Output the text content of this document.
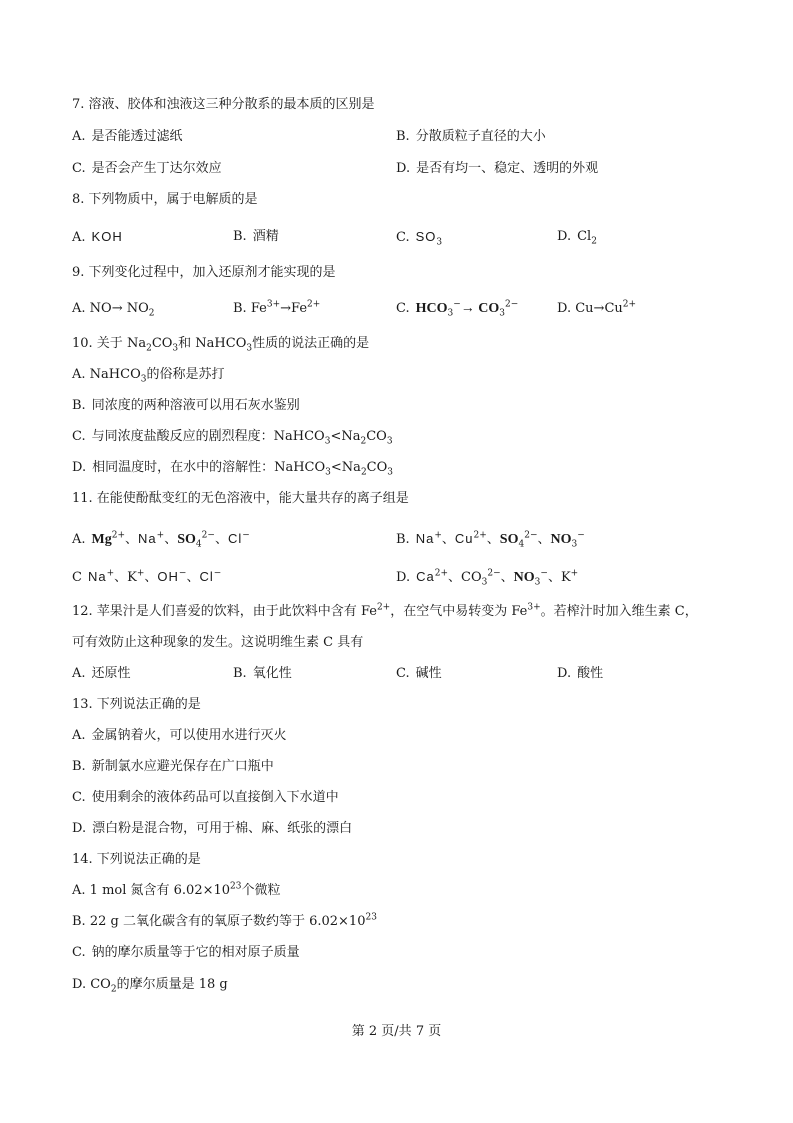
7. 溶液、胶体和浊液这三种分散系的最本质的区别是
A. 是否能透过滤纸	B. 分散质粒子直径的大小
C. 是否会产生丁达尔效应	D. 是否有均一、稳定、透明的外观
8. 下列物质中，属于电解质的是
A. KOH	B. 酒精	C. $SO_3$	D. $Cl_2$
9. 下列变化过程中，加入还原剂才能实现的是
A. $NO\to NO_2$	B. $Fe^{3+}\to Fe^{2+}$	C. $HCO_3^-\to CO_3^{2-}$	D. $Cu\to Cu^{2+}$
10. 关于 $Na_2CO_3$和 NaHCO$_3$性质的说法正确的是
A. NaHCO$_3$的俗称是苏打
B. 同浓度的两种溶液可以用石灰水鉴别
C. 与同浓度盐酸反应的剧烈程度：$NaHCO_3<Na_2CO_3$
D. 相同温度时，在水中的溶解性：$NaHCO_3<Na_2CO_3$
11. 在能使酚酞变红的无色溶液中，能大量共存的离子组是
A. $Mg^{2+}$、Na+、$SO_4^{2-}$、Cl−	B. Na+、$Cu^{2+}$、$SO_4^{2-}$、$NO_3^-$
C Na+、K+、OH−、Cl−	D. $Ca^{2+}$、$CO_3^{2-}$、$NO_3^-$、K+
12. 苹果汁是人们喜爱的饮料，由于此饮料中含有 $Fe^{2+}$，在空气中易转变为 $Fe^{3+}$。若榨汁时加入维生素 C，
可有效防止这种现象的发生。这说明维生素 C 具有
A. 还原性	B. 氧化性	C. 碱性	D. 酸性
13. 下列说法正确的是
A. 金属钠着火，可以使用水进行灭火
B. 新制氯水应避光保存在广口瓶中
C. 使用剩余的液体药品可以直接倒入下水道中
D. 漂白粉是混合物，可用于棉、麻、纸张的漂白
14. 下列说法正确的是
A. 1 mol 氮含有 $6.02\times 10^{23}$个微粒
B. 22 g 二氧化碳含有的氧原子数约等于 $6.02\times 10^{23}$
C. 钠的摩尔质量等于它的相对原子质量
D. $CO_2$的摩尔质量是 18 g
第 2 页/共 7 页
